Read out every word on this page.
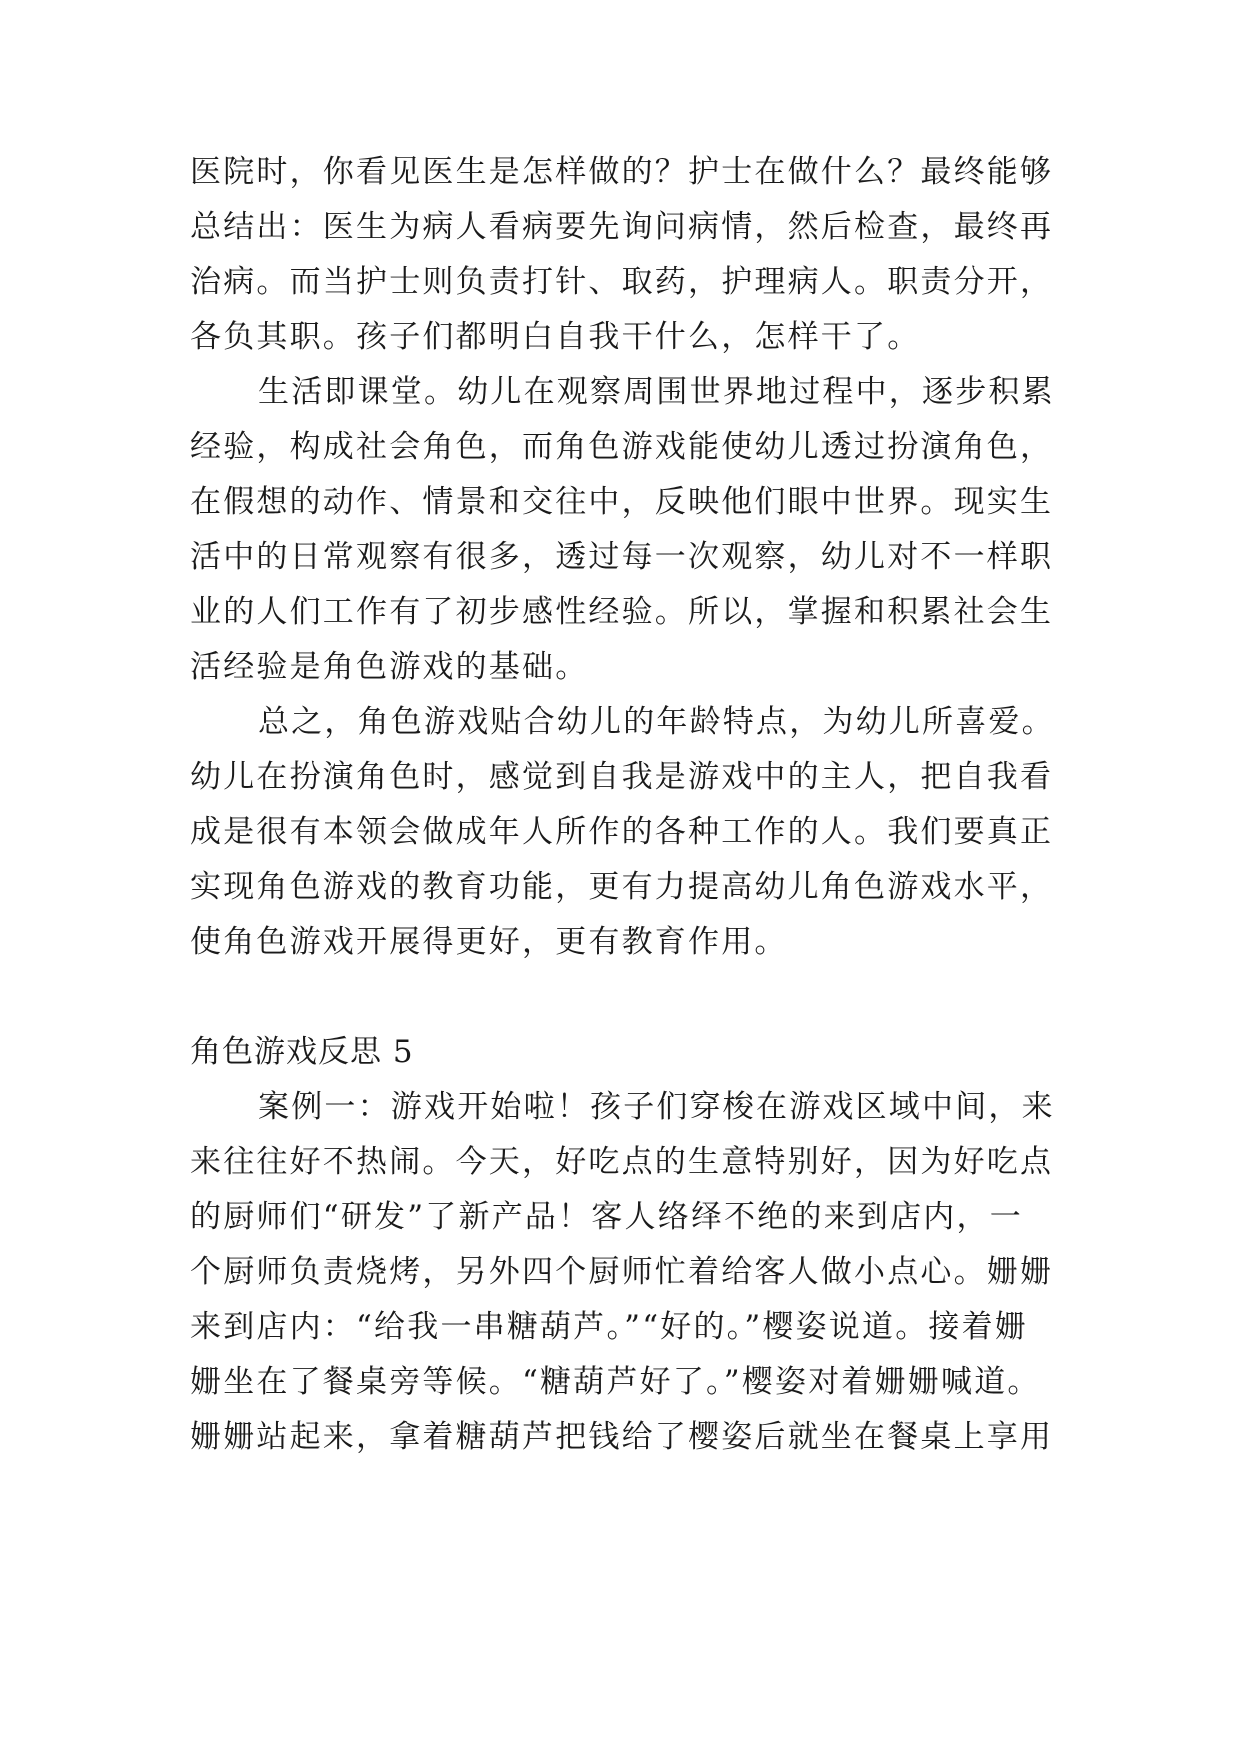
医院时，你看见医生是怎样做的？护士在做什么？最终能够
总结出：医生为病人看病要先询问病情，然后检查，最终再
治病。而当护士则负责打针、取药，护理病人。职责分开，
各负其职。孩子们都明白自我干什么，怎样干了。
生活即课堂。幼儿在观察周围世界地过程中，逐步积累
经验，构成社会角色，而角色游戏能使幼儿透过扮演角色，
在假想的动作、情景和交往中，反映他们眼中世界。现实生
活中的日常观察有很多，透过每一次观察，幼儿对不一样职
业的人们工作有了初步感性经验。所以，掌握和积累社会生
活经验是角色游戏的基础。
总之，角色游戏贴合幼儿的年龄特点，为幼儿所喜爱。
幼儿在扮演角色时，感觉到自我是游戏中的主人，把自我看
成是很有本领会做成年人所作的各种工作的人。我们要真正
实现角色游戏的教育功能，更有力提高幼儿角色游戏水平，
使角色游戏开展得更好，更有教育作用。
角色游戏反思 5
案例一：游戏开始啦！孩子们穿梭在游戏区域中间，来
来往往好不热闹。今天，好吃点的生意特别好，因为好吃点
的厨师们“研发”了新产品！客人络绎不绝的来到店内，一
个厨师负责烧烤，另外四个厨师忙着给客人做小点心。姗姗
来到店内：“给我一串糖葫芦。”“好的。”樱姿说道。接着姗
姗坐在了餐桌旁等候。“糖葫芦好了。”樱姿对着姗姗喊道。
姗姗站起来，拿着糖葫芦把钱给了樱姿后就坐在餐桌上享用
